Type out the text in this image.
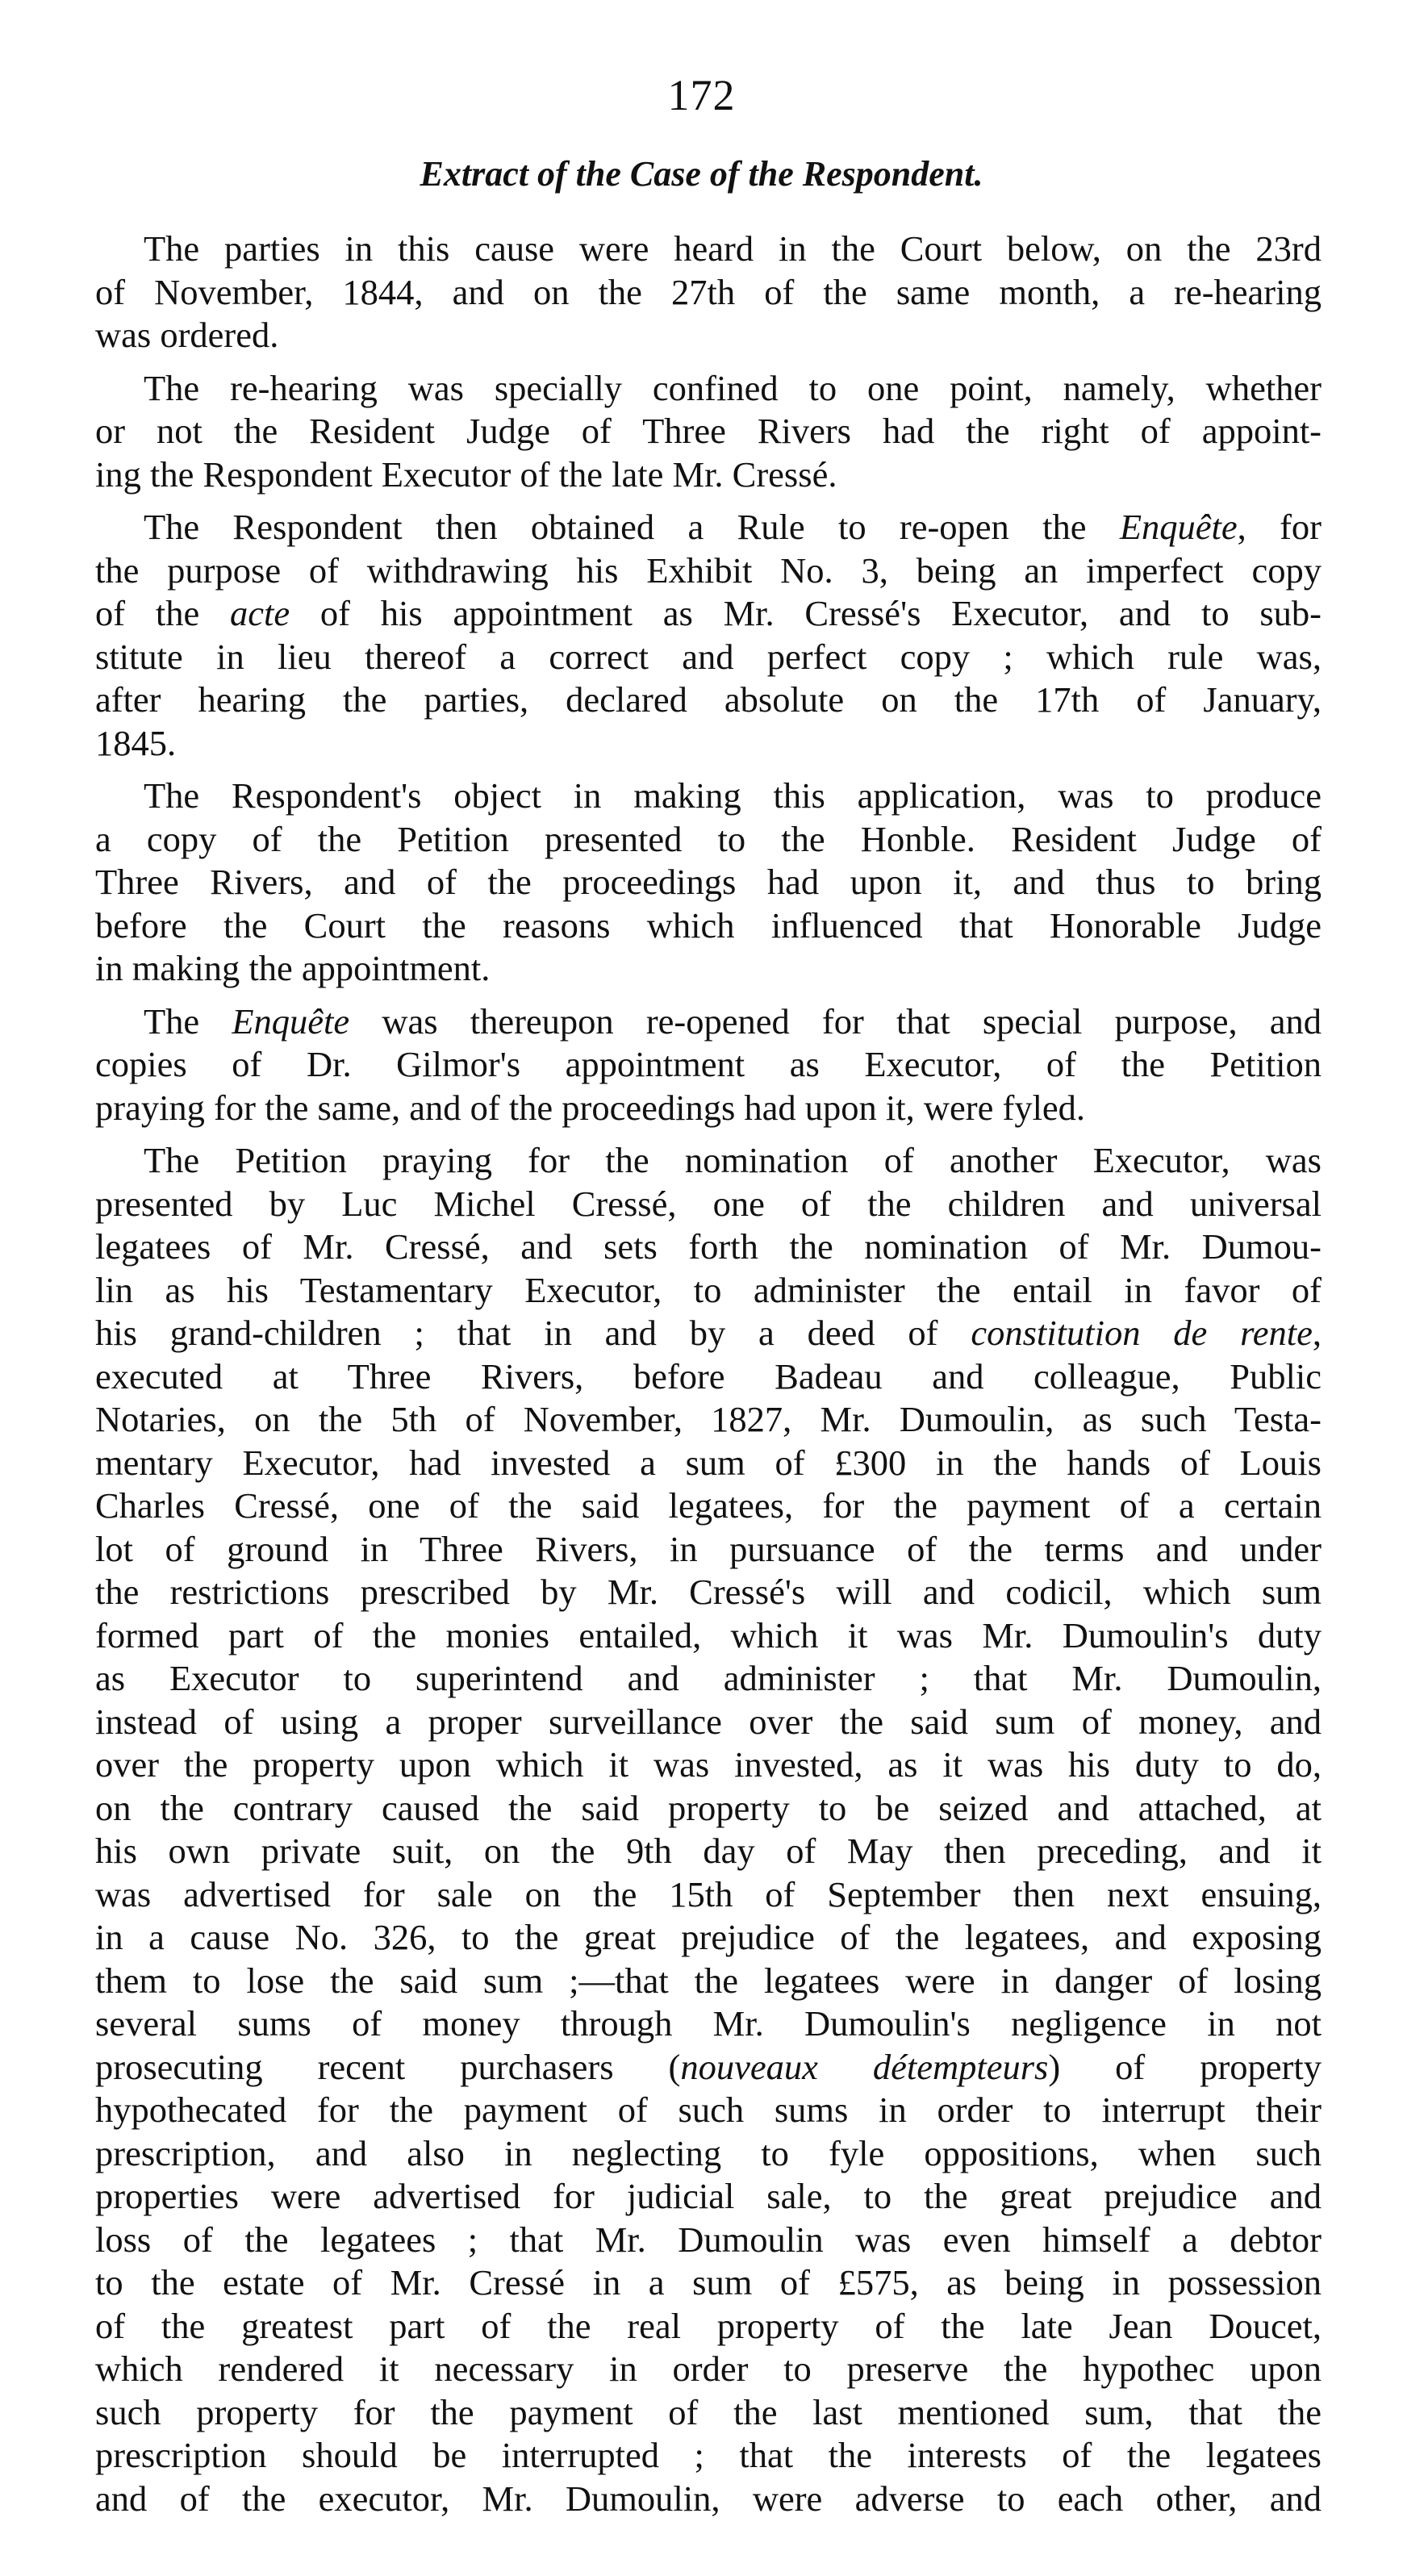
172
Extract of the Case of the Respondent.
The parties in this cause were heard in the Court below, on the 23rd
of November, 1844, and on the 27th of the same month, a re-hearing
was ordered.
The re-hearing was specially confined to one point, namely, whether
or not the Resident Judge of Three Rivers had the right of appoint-
ing the Respondent Executor of the late Mr. Cressé.
The Respondent then obtained a Rule to re-open the Enquête, for
the purpose of withdrawing his Exhibit No. 3, being an imperfect copy
of the acte of his appointment as Mr. Cressé's Executor, and to sub-
stitute in lieu thereof a correct and perfect copy ; which rule was,
after hearing the parties, declared absolute on the 17th of January,
1845.
The Respondent's object in making this application, was to produce
a copy of the Petition presented to the Honble. Resident Judge of
Three Rivers, and of the proceedings had upon it, and thus to bring
before the Court the reasons which influenced that Honorable Judge
in making the appointment.
The Enquête was thereupon re-opened for that special purpose, and
copies of Dr. Gilmor's appointment as Executor, of the Petition
praying for the same, and of the proceedings had upon it, were fyled.
The Petition praying for the nomination of another Executor, was
presented by Luc Michel Cressé, one of the children and universal
legatees of Mr. Cressé, and sets forth the nomination of Mr. Dumou-
lin as his Testamentary Executor, to administer the entail in favor of
his grand-children ; that in and by a deed of constitution de rente,
executed at Three Rivers, before Badeau and colleague, Public
Notaries, on the 5th of November, 1827, Mr. Dumoulin, as such Testa-
mentary Executor, had invested a sum of £300 in the hands of Louis
Charles Cressé, one of the said legatees, for the payment of a certain
lot of ground in Three Rivers, in pursuance of the terms and under
the restrictions prescribed by Mr. Cressé's will and codicil, which sum
formed part of the monies entailed, which it was Mr. Dumoulin's duty
as Executor to superintend and administer ; that Mr. Dumoulin,
instead of using a proper surveillance over the said sum of money, and
over the property upon which it was invested, as it was his duty to do,
on the contrary caused the said property to be seized and attached, at
his own private suit, on the 9th day of May then preceding, and it
was advertised for sale on the 15th of September then next ensuing,
in a cause No. 326, to the great prejudice of the legatees, and exposing
them to lose the said sum ;—that the legatees were in danger of losing
several sums of money through Mr. Dumoulin's negligence in not
prosecuting recent purchasers (nouveaux détempteurs) of property
hypothecated for the payment of such sums in order to interrupt their
prescription, and also in neglecting to fyle oppositions, when such
properties were advertised for judicial sale, to the great prejudice and
loss of the legatees ; that Mr. Dumoulin was even himself a debtor
to the estate of Mr. Cressé in a sum of £575, as being in possession
of the greatest part of the real property of the late Jean Doucet,
which rendered it necessary in order to preserve the hypothec upon
such property for the payment of the last mentioned sum, that the
prescription should be interrupted ; that the interests of the legatees
and of the executor, Mr. Dumoulin, were adverse to each other, and
